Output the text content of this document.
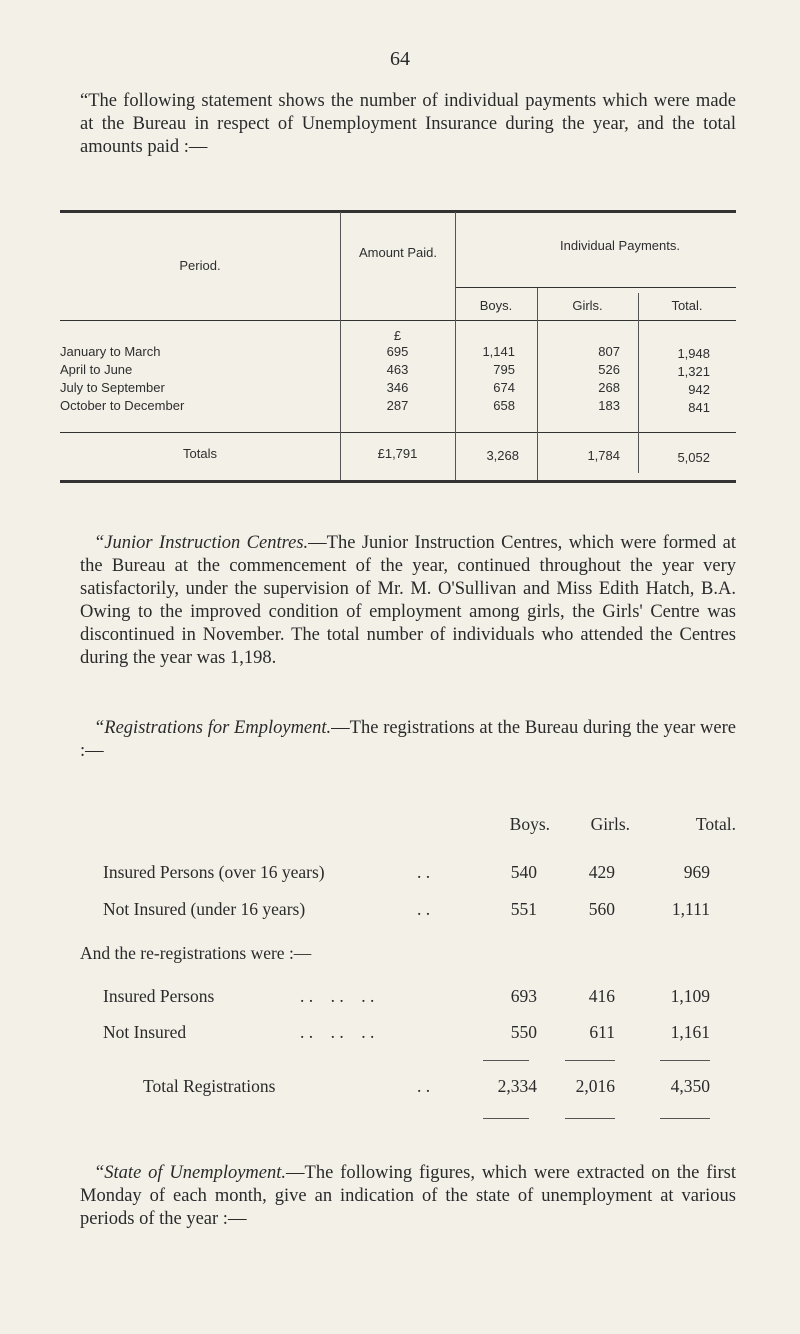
64

“The following statement shows the number of individual payments which were made at the Bureau in respect of Unemployment Insurance during the year, and the total amounts paid :—

Period.
Amount Paid.	Individual Payments.
Boys.	Girls.	Total.
£
January to March	695	1,141	807	1,948
April to June	463	795	526	1,321
July to September	346	674	268	942
October to December	287	658	183	841
Totals	£1,791	3,268	1,784	5,052

“Junior Instruction Centres.—The Junior Instruction Centres, which were formed at the Bureau at the commencement of the year, continued throughout the year very satisfactorily, under the supervision of Mr. M. O'Sullivan and Miss Edith Hatch, B.A. Owing to the improved condition of employment among girls, the Girls' Centre was discontinued in November. The total number of individuals who attended the Centres during the year was 1,198.

“Registrations for Employment.—The registrations at the Bureau during the year were :—

Boys.	Girls.	Total.
Insured Persons (over 16 years)	. .	540	429	969
Not Insured (under 16 years)	. .	551	560	1,111
And the re-registrations were :—
Insured Persons	. .    . .    . .	693	416	1,109
Not Insured	. .    . .    . .	550	611	1,161
Total Registrations	. .	2,334	2,016	4,350

“State of Unemployment.—The following figures, which were extracted on the first Monday of each month, give an indication of the state of unemployment at various periods of the year :—
